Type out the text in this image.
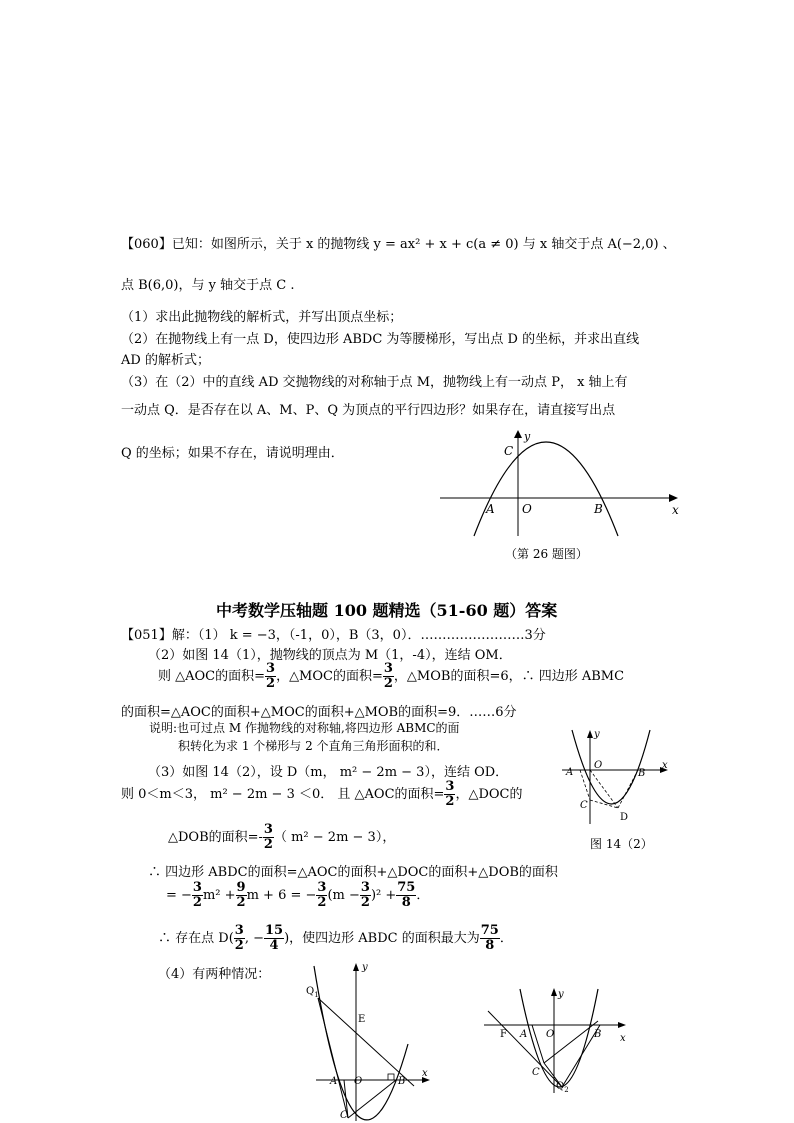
【060】已知：如图所示，关于 x 的抛物线 y = ax² + x + c(a ≠ 0) 与 x 轴交于点 A(−2,0) 、
点 B(6,0)，与 y 轴交于点 C .
（1）求出此抛物线的解析式，并写出顶点坐标；
（2）在抛物线上有一点 D，使四边形 ABDC 为等腰梯形，写出点 D 的坐标，并求出直线
AD 的解析式；
（3）在（2）中的直线 AD 交抛物线的对称轴于点 M，抛物线上有一动点 P， x 轴上有
一动点 Q．是否存在以 A、M、P、Q 为顶点的平行四边形？如果存在，请直接写出点
Q 的坐标；如果不存在，请说明理由．
y
x
C
A O	B
（第 26 题图）
中考数学压轴题 100 题精选（51-60 题）答案
【051】解：（1） k = −3，（-1，0），B（3，0）．……………………3分
（2）如图 14（1），抛物线的顶点为 M（1，-4），连结 OM．
则 △AOC的面积= $\frac{3}{2}$ ，△MOC的面积= $\frac{3}{2}$ ，△MOB的面积=6，∴ 四边形 ABMC
的面积=△AOC的面积+△MOC的面积+△MOB的面积=9．……6分
说明:也可过点 M 作抛物线的对称轴,将四边形 ABMC的面
积转化为求 1 个梯形与 2 个直角三角形面积的和．
（3）如图 14（2），设 D（m， m² − 2m − 3），连结 OD．
则 0＜m＜3， m² − 2m − 3 ＜0． 且 △AOC的面积= $\frac{3}{2}$ ，△DOC的
△DOB的面积=- $\frac{3}{2}$ （ m² − 2m − 3），
∴ 四边形 ABDC的面积=△AOC的面积+△DOC的面积+△DOB的面积
= − $\frac{3}{2} m^2 + \frac{9}{2}$ m + 6 = − $\frac{3}{2} (m - \frac{3}{2} )^2 + \frac{75}{8}$ ．
∴ 存在点 $D( \frac{3}{2}$ , − $\frac{15}{4}$ )，使四边形 ABDC 的面积最大为 $\frac{75}{8}$ ．
（4）有两种情况：
y
x
A
O
B
C
D
图 14（2）
y
x
$Q_1$
E
A O	B
C
y
x
F A O	B
C
$Q_2$
